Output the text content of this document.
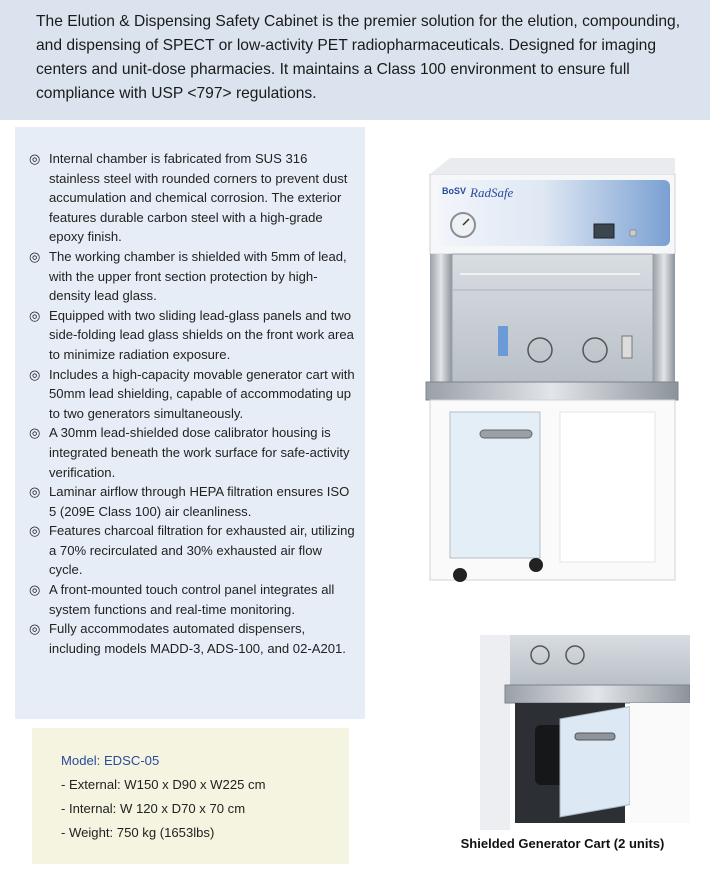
The Elution & Dispensing Safety Cabinet is the premier solution for the elution, compounding, and dispensing of SPECT or low-activity PET radiopharmaceuticals. Designed for imaging centers and unit-dose pharmacies. It maintains a Class 100 environment to ensure full compliance with USP <797> regulations.
◎ Internal chamber is fabricated from SUS 316 stainless steel with rounded corners to prevent dust accumulation and chemical corrosion. The exterior features durable carbon steel with a high-grade epoxy finish.
◎ The working chamber is shielded with 5mm of lead, with the upper front section protection by high-density lead glass.
◎ Equipped with two sliding lead-glass panels and two side-folding lead glass shields on the front work area to minimize radiation exposure.
◎ Includes a high-capacity movable generator cart with 50mm lead shielding, capable of accommodating up to two generators simultaneously.
◎ A 30mm lead-shielded dose calibrator housing is integrated beneath the work surface for safe-activity verification.
◎ Laminar airflow through HEPA filtration ensures ISO 5 (209E Class 100) air cleanliness.
◎ Features charcoal filtration for exhausted air, utilizing a 70% recirculated and 30% exhausted air flow cycle.
◎ A front-mounted touch control panel integrates all system functions and real-time monitoring.
◎ Fully accommodates automated dispensers, including models MADD-3, ADS-100, and 02-A201.
Model: EDSC-05
- External: W150 x D90 x W225 cm
- Internal: W 120 x D70 x 70 cm
- Weight: 750 kg (1653lbs)
BoSV RadSafe
Shielded Generator Cart (2 units)
